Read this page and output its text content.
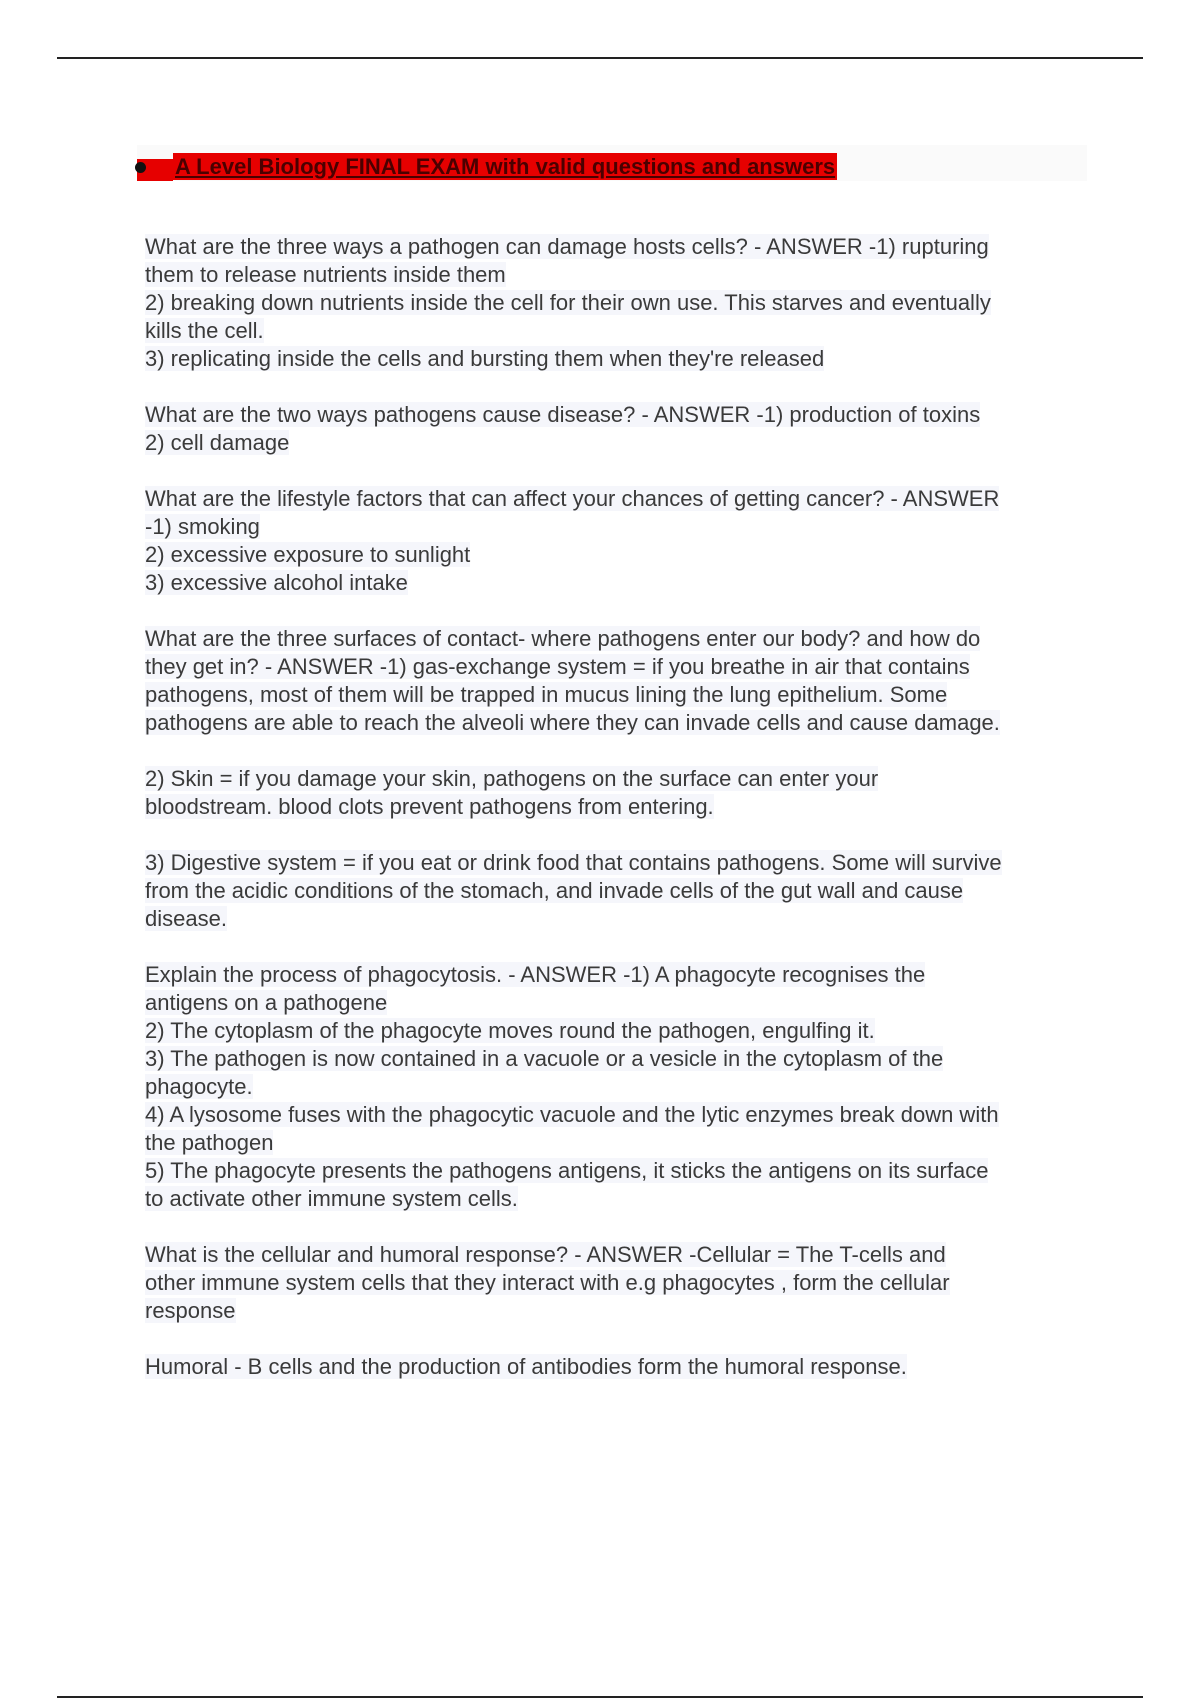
A Level Biology FINAL EXAM with valid questions and answers
What are the three ways a pathogen can damage hosts cells? - ANSWER -1) rupturing
them to release nutrients inside them
2) breaking down nutrients inside the cell for their own use. This starves and eventually
kills the cell.
3) replicating inside the cells and bursting them when they're released
What are the two ways pathogens cause disease? - ANSWER -1) production of toxins
2) cell damage
What are the lifestyle factors that can affect your chances of getting cancer? - ANSWER
-1) smoking
2) excessive exposure to sunlight
3) excessive alcohol intake
What are the three surfaces of contact- where pathogens enter our body? and how do
they get in? - ANSWER -1) gas-exchange system = if you breathe in air that contains
pathogens, most of them will be trapped in mucus lining the lung epithelium. Some
pathogens are able to reach the alveoli where they can invade cells and cause damage.
2) Skin = if you damage your skin, pathogens on the surface can enter your
bloodstream. blood clots prevent pathogens from entering.
3) Digestive system = if you eat or drink food that contains pathogens. Some will survive
from the acidic conditions of the stomach, and invade cells of the gut wall and cause
disease.
Explain the process of phagocytosis. - ANSWER -1) A phagocyte recognises the
antigens on a pathogene
2) The cytoplasm of the phagocyte moves round the pathogen, engulfing it.
3) The pathogen is now contained in a vacuole or a vesicle in the cytoplasm of the
phagocyte.
4) A lysosome fuses with the phagocytic vacuole and the lytic enzymes break down with
the pathogen
5) The phagocyte presents the pathogens antigens, it sticks the antigens on its surface
to activate other immune system cells.
What is the cellular and humoral response? - ANSWER -Cellular = The T-cells and
other immune system cells that they interact with e.g phagocytes , form the cellular
response
Humoral - B cells and the production of antibodies form the humoral response.
